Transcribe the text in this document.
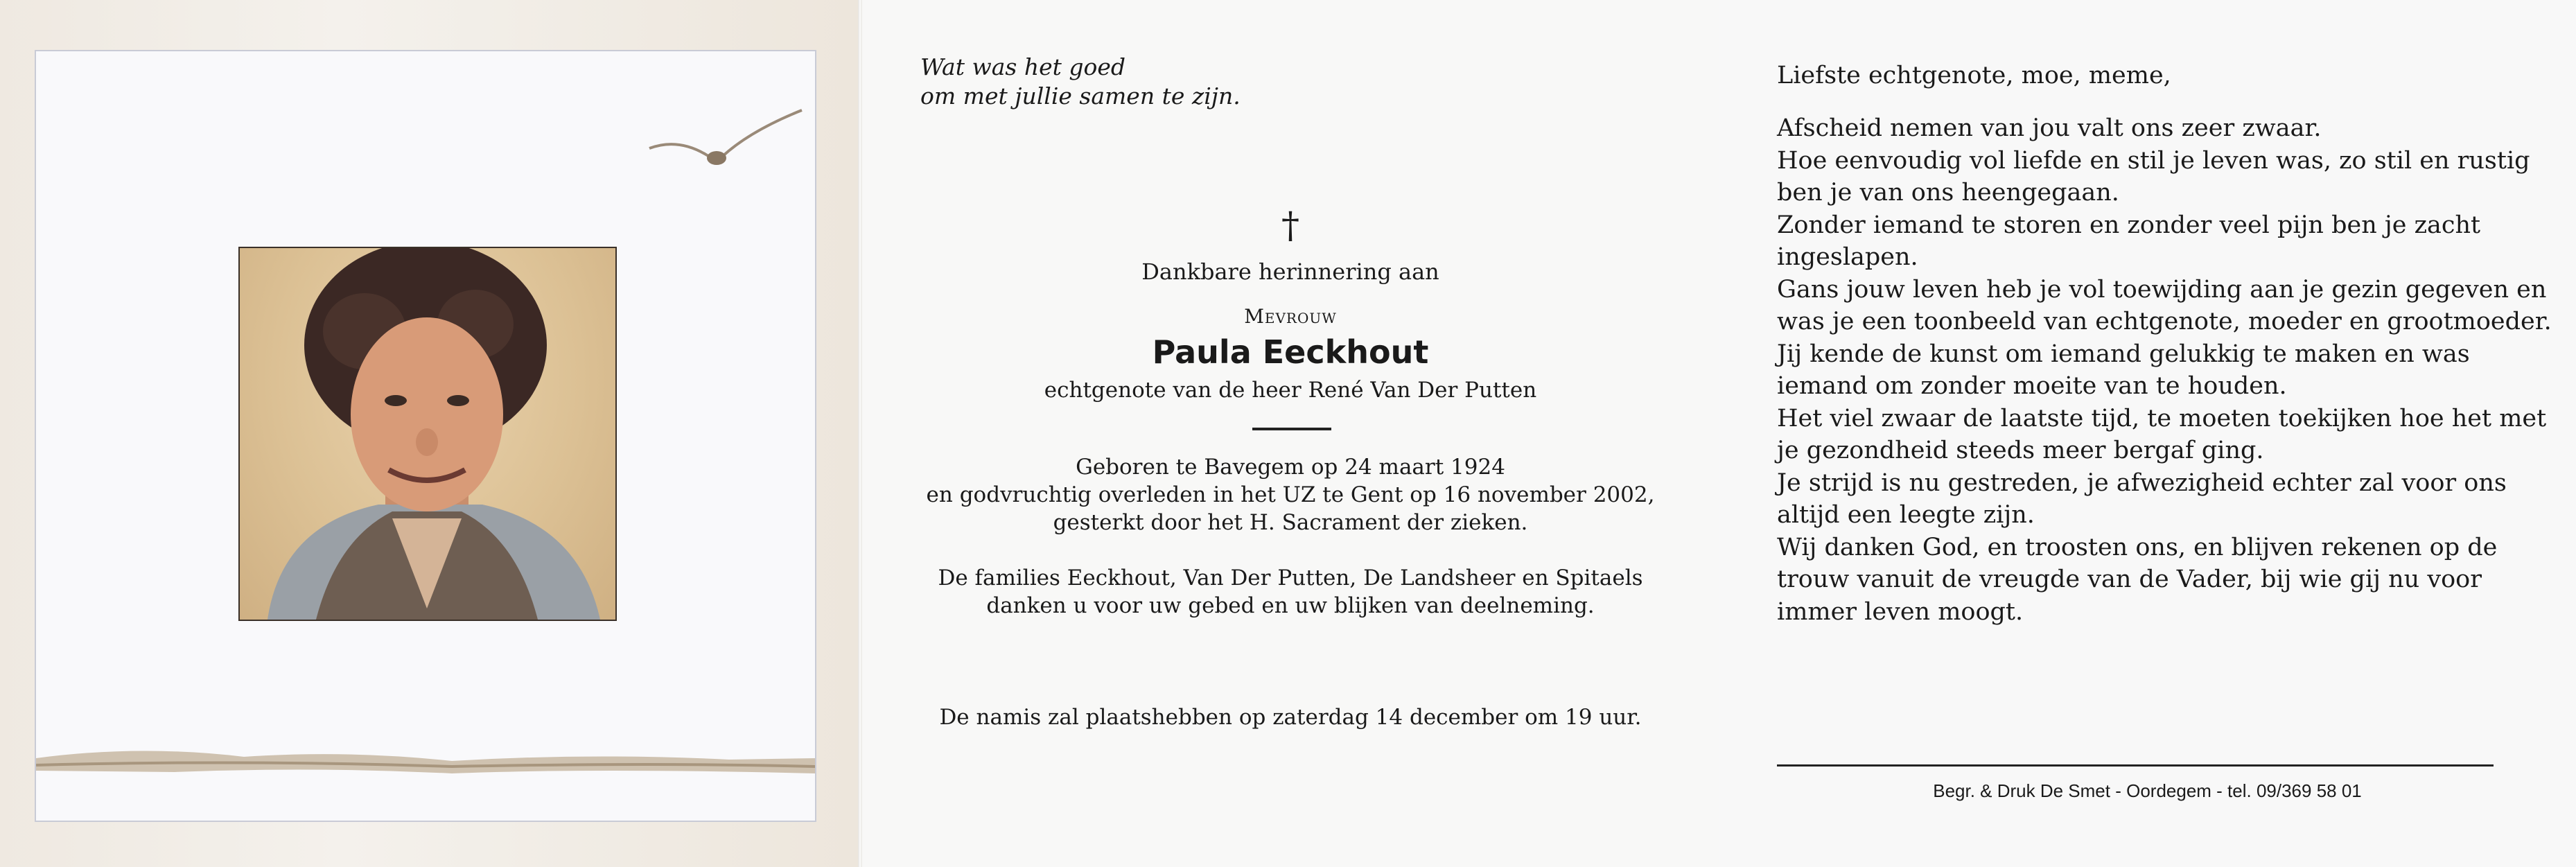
Wat was het goed
om met jullie samen te zijn.
†
Dankbare herinnering aan
Mevrouw
Paula Eeckhout
echtgenote van de heer René Van Der Putten
Geboren te Bavegem op 24 maart 1924
en godvruchtig overleden in het UZ te Gent op 16 november 2002,
gesterkt door het H. Sacrament der zieken.
De families Eeckhout, Van Der Putten, De Landsheer en Spitaels
danken u voor uw gebed en uw blijken van deelneming.
De namis zal plaatshebben op zaterdag 14 december om 19 uur.
Liefste echtgenote, moe, meme,
Afscheid nemen van jou valt ons zeer zwaar.
Hoe eenvoudig vol liefde en stil je leven was, zo stil en rustig
ben je van ons heengegaan.
Zonder iemand te storen en zonder veel pijn ben je zacht
ingeslapen.
Gans jouw leven heb je vol toewijding aan je gezin gegeven en
was je een toonbeeld van echtgenote, moeder en grootmoeder.
Jij kende de kunst om iemand gelukkig te maken en was
iemand om zonder moeite van te houden.
Het viel zwaar de laatste tijd, te moeten toekijken hoe het met
je gezondheid steeds meer bergaf ging.
Je strijd is nu gestreden, je afwezigheid echter zal voor ons
altijd een leegte zijn.
Wij danken God, en troosten ons, en blijven rekenen op de
trouw vanuit de vreugde van de Vader, bij wie gij nu voor
immer leven moogt.
Begr. & Druk De Smet - Oordegem - tel. 09/369 58 01
